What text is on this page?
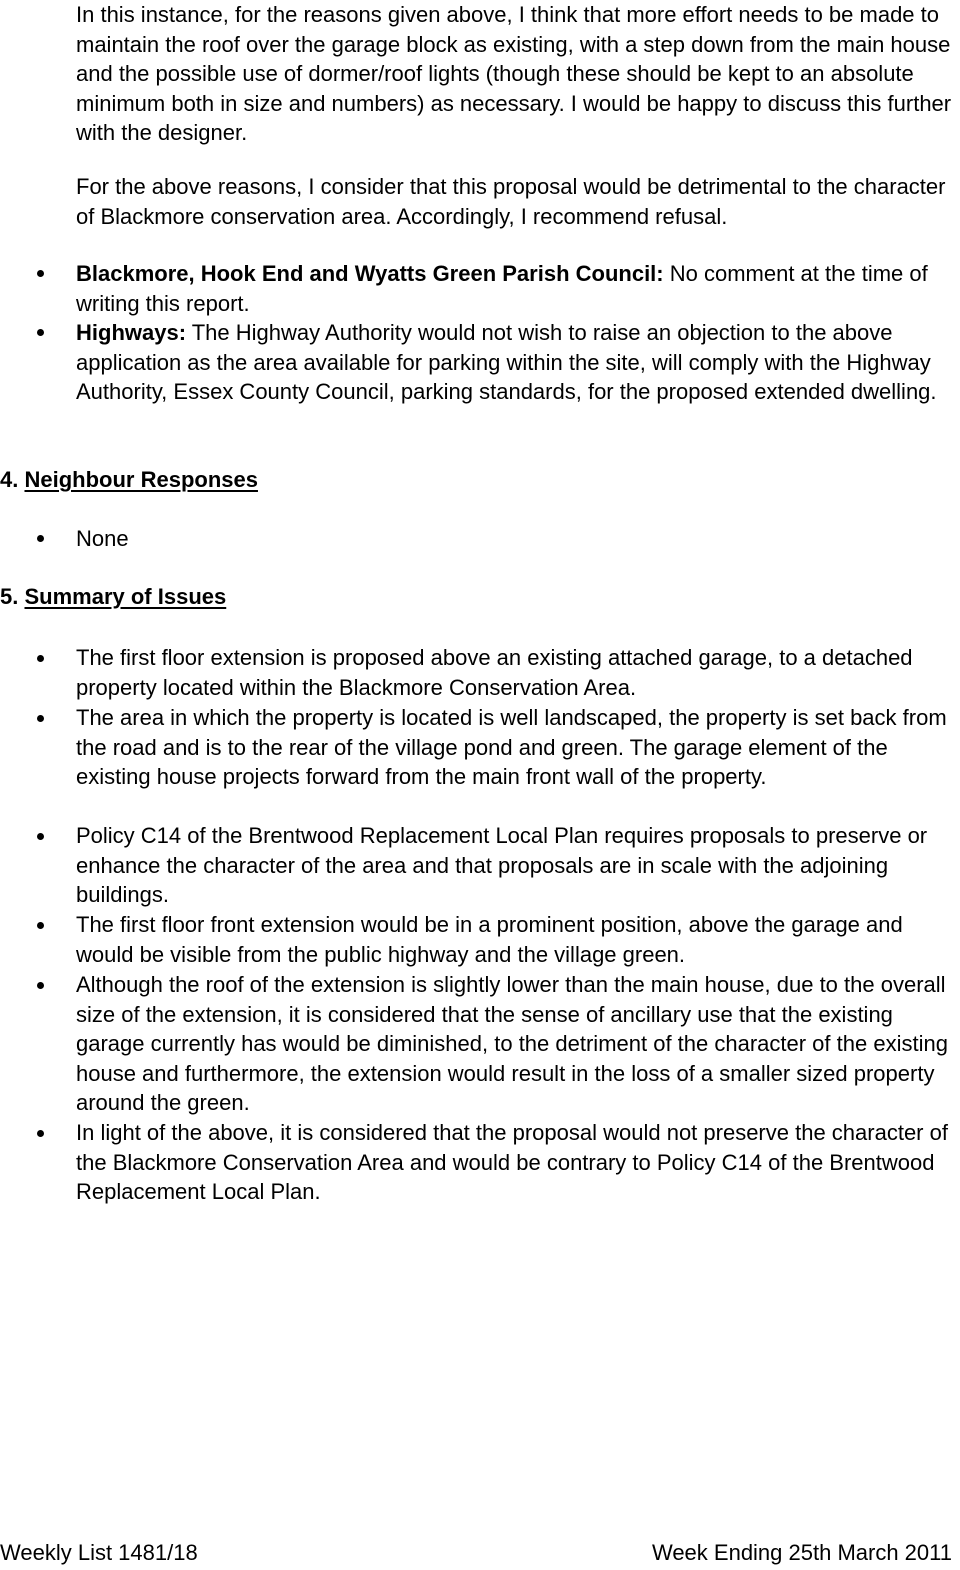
In this instance, for the reasons given above, I think that more effort needs to be made to maintain the roof over the garage block as existing, with a step down from the main house and the possible use of dormer/roof lights (though these should be kept to an absolute minimum both in size and numbers) as necessary. I would be happy to discuss this further with the designer.

For the above reasons, I consider that this proposal would be detrimental to the character of Blackmore conservation area. Accordingly, I recommend refusal.

Blackmore, Hook End and Wyatts Green Parish Council: No comment at the time of writing this report.

Highways: The Highway Authority would not wish to raise an objection to the above application as the area available for parking within the site, will comply with the Highway Authority, Essex County Council, parking standards, for the proposed extended dwelling.

4. Neighbour Responses

None

5. Summary of Issues

The first floor extension is proposed above an existing attached garage, to a detached property located within the Blackmore Conservation Area.

The area in which the property is located is well landscaped, the property is set back from the road and is to the rear of the village pond and green. The garage element of the existing house projects forward from the main front wall of the property.

Policy C14 of the Brentwood Replacement Local Plan requires proposals to preserve or enhance the character of the area and that proposals are in scale with the adjoining buildings.

The first floor front extension would be in a prominent position, above the garage and would be visible from the public highway and the village green.

Although the roof of the extension is slightly lower than the main house, due to the overall size of the extension, it is considered that the sense of ancillary use that the existing garage currently has would be diminished, to the detriment of the character of the existing house and furthermore, the extension would result in the loss of a smaller sized property around the green.

In light of the above, it is considered that the proposal would not preserve the character of the Blackmore Conservation Area and would be contrary to Policy C14 of the Brentwood Replacement Local Plan.

Weekly List 1481/18	Week Ending 25th March 2011
